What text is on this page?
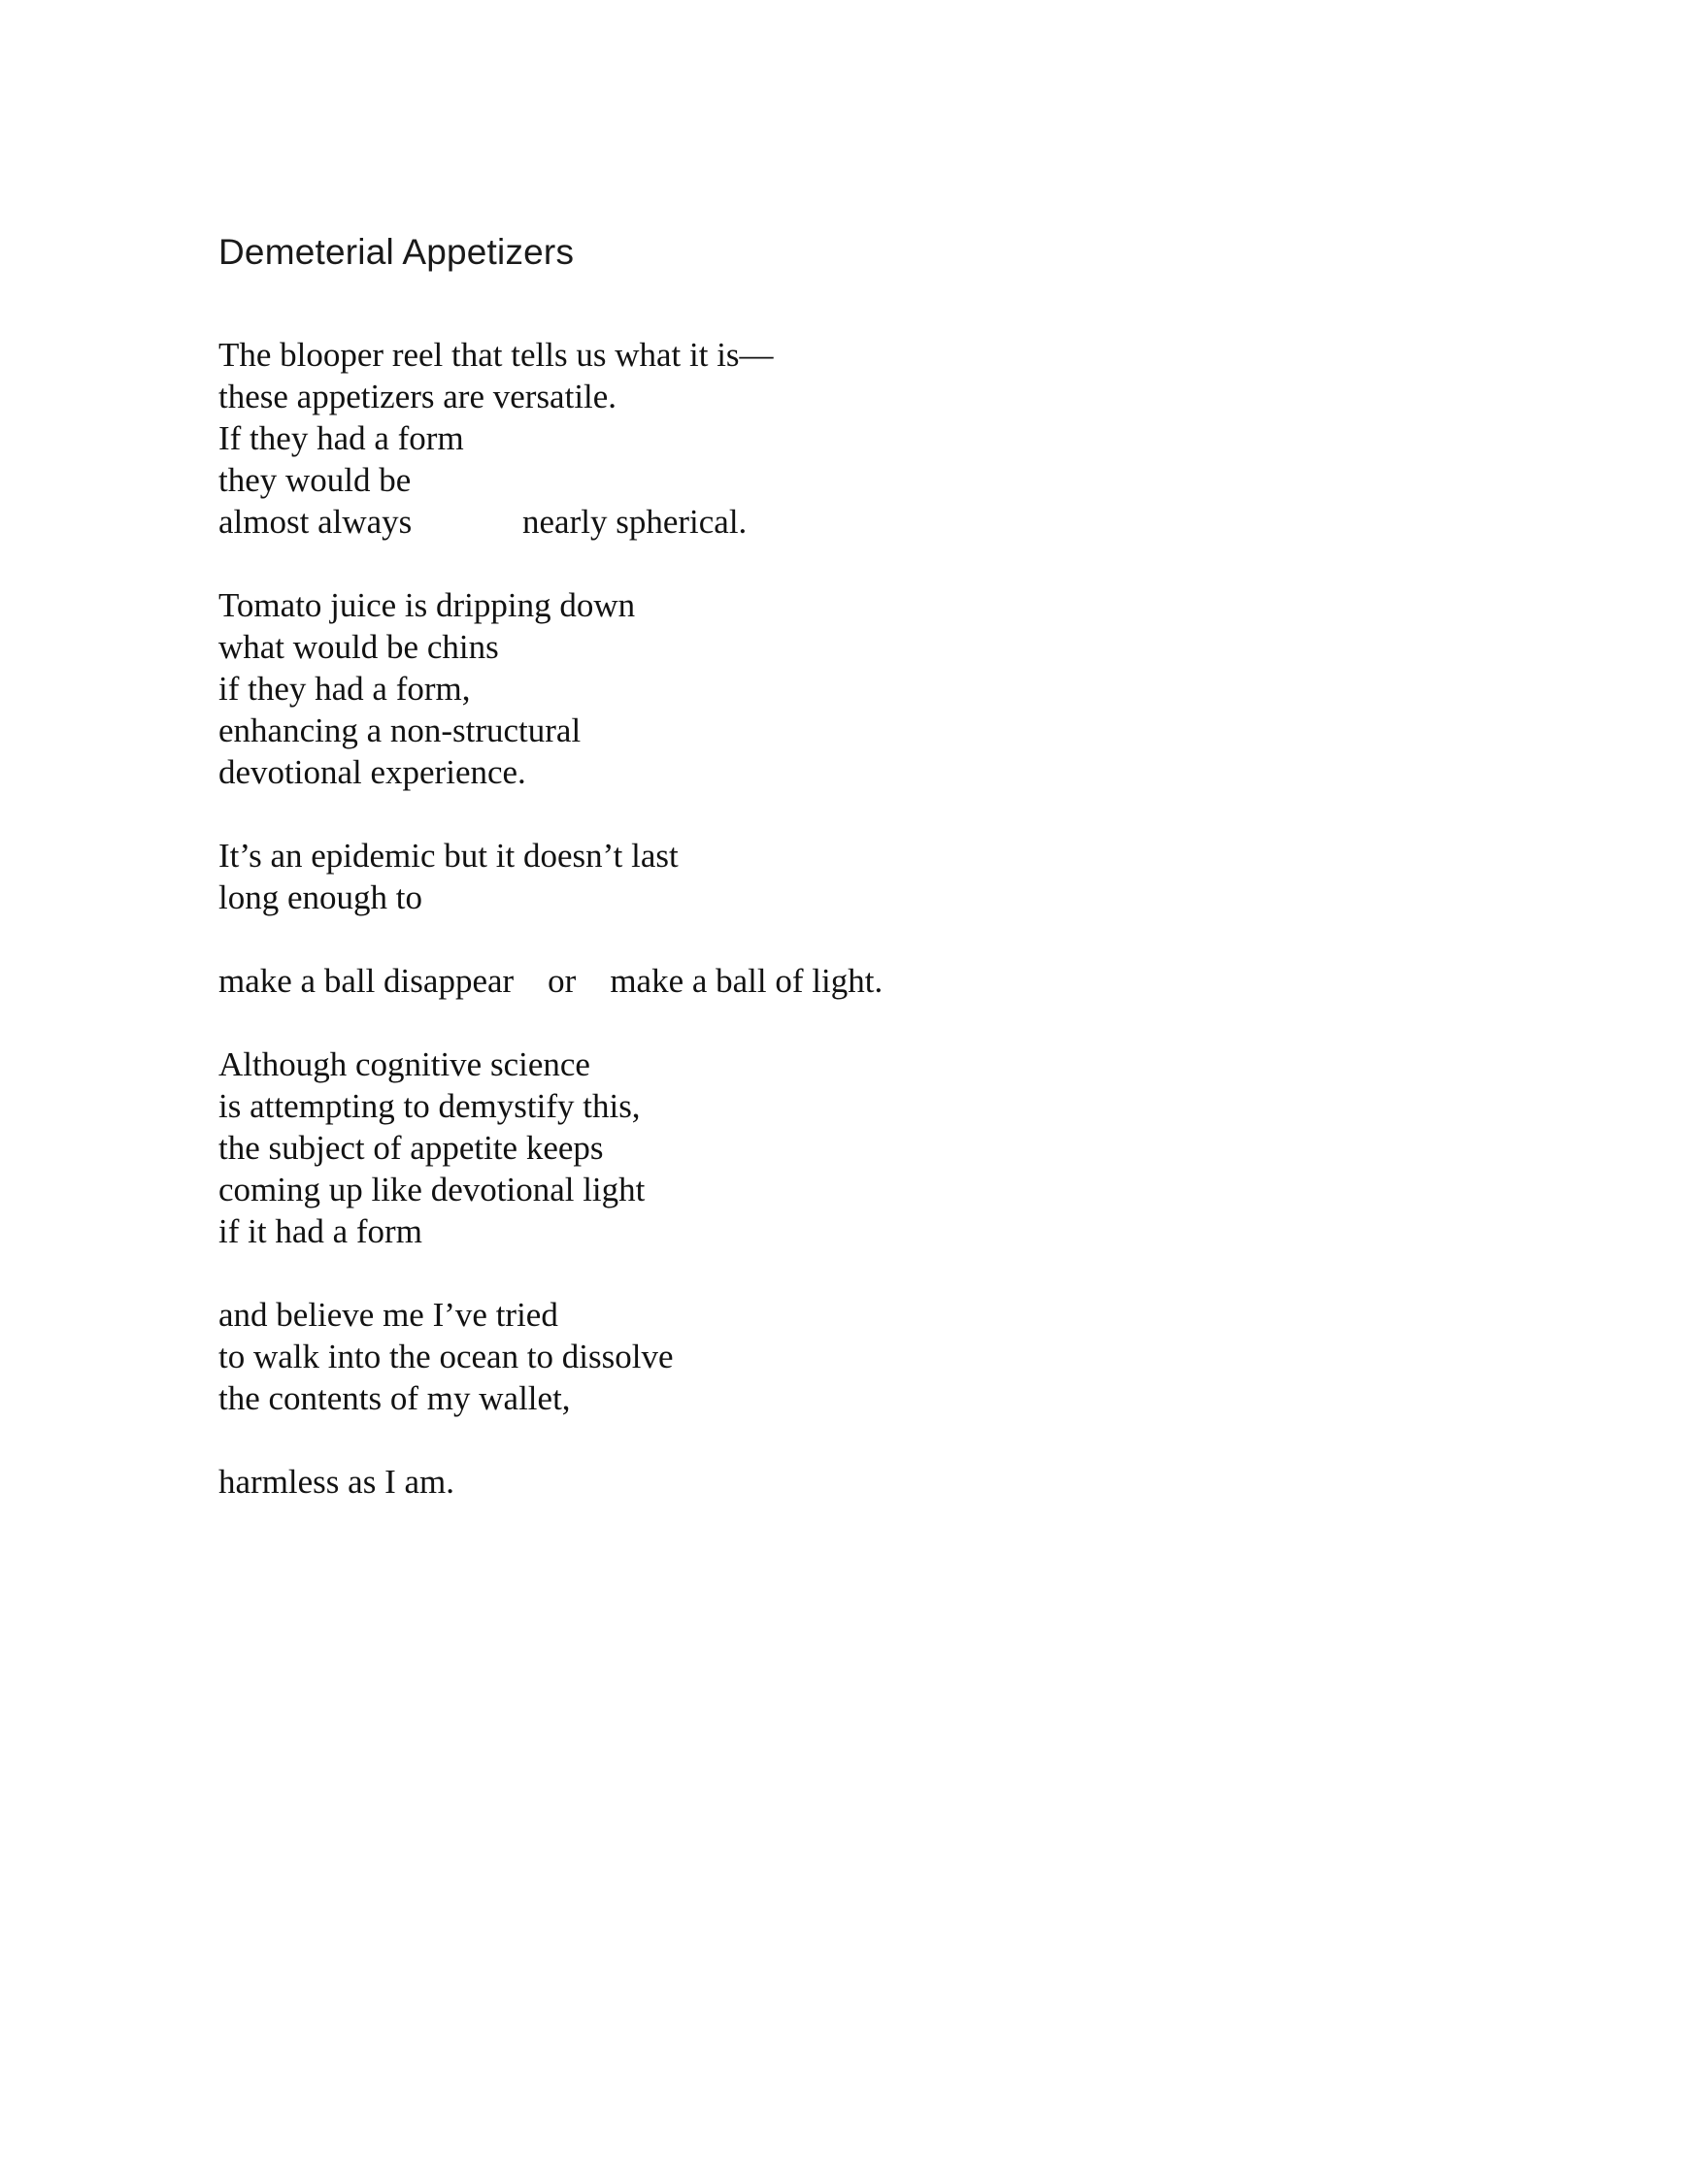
Demeterial Appetizers
The blooper reel that tells us what it is—
these appetizers are versatile.
If they had a form
they would be
almost always             nearly spherical.
Tomato juice is dripping down
what would be chins
if they had a form,
enhancing a non-structural
devotional experience.
It’s an epidemic but it doesn’t last
long enough to
make a ball disappear    or    make a ball of light.
Although cognitive science
is attempting to demystify this,
the subject of appetite keeps
coming up like devotional light
if it had a form
and believe me I’ve tried
to walk into the ocean to dissolve
the contents of my wallet,
harmless as I am.
